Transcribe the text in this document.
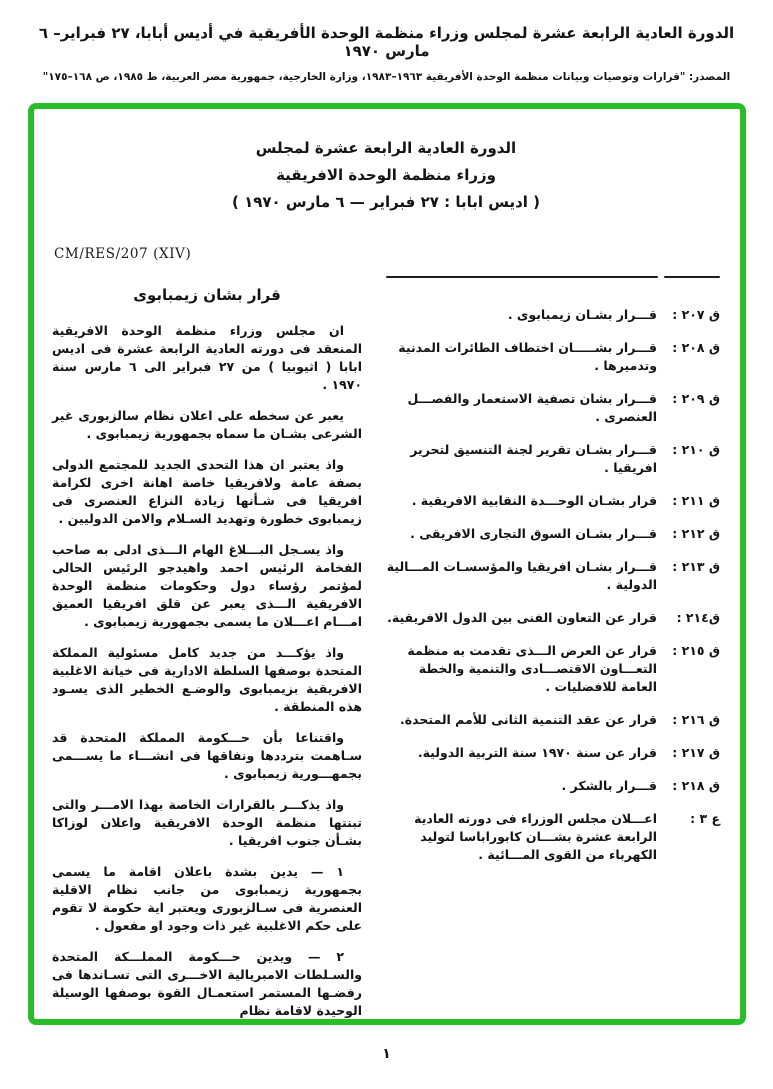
الدورة العادية الرابعة عشرة لمجلس وزراء منظمة الوحدة الأفريقية في أديس أبابا، ٢٧ فبراير– ٦ مارس ١٩٧٠
المصدر: "قرارات وتوصيات وبيانات منظمة الوحدة الأفريقية ١٩٦٣–١٩٨٣، وزارة الخارجية، جمهورية مصر العربية، ط ١٩٨٥، ص ١٦٨–١٧٥"
الدورة العادية الرابعة عشرة لمجلس
وزراء منظمة الوحدة الافريقية
( اديس ابابا : ٢٧ فبراير — ٦ مارس ١٩٧٠ )
ق ٢٠٧ :
قـــرار بشـان زيمبابوى .
ق ٢٠٨ :
قـــرار بشـــــان اختطاف الطائرات المدنية وتدميرها .
ق ٢٠٩ :
قـــرار بشان تصفية الاستعمار والفصـــل العنصرى .
ق ٢١٠ :
قـــرار بشـان تقرير لجنة التنسيق لتحرير افريقيا .
ق ٢١١ :
قرار بشـان الوحـــدة النقابية الافريقية .
ق ٢١٢ :
قـــرار بشـان السوق التجارى الافريقى .
ق ٢١٣ :
قـــرار بشـان افريقيا والمؤسسـات المـــالية الدولية .
ق٢١٤ :
قرار عن التعاون الفنى بين الدول الافريقية.
ق ٢١٥ :
قرار عن العرض الـــذى تقدمت به منظمة التعـــاون الاقتصـــادى والتنمية والخطة العامة للافضليات .
ق ٢١٦ :
قرار عن عقد التنمية الثانى للأمم المتحدة.
ق ٢١٧ :
قرار عن سنة ١٩٧٠ سنة التربية الدولية.
ق ٢١٨ :
قـــرار بالشكر .
ع ٣ :
اعـــلان مجلس الوزراء فى دورته العادية الرابعة عشرة بشـــان كابوراباسا لتوليد الكهرباء من القوى المـــائية .
CM/RES/207 (XIV)
قرار بشان زيمبابوى

ان مجلس وزراء منظمة الوحدة الافريقية المنعقد فى دورته العادية الرابعة عشرة فى اديس ابابا ( اثيوبيا ) من ٢٧ فبراير الى ٦ مارس سنة ١٩٧٠ .

يعبر عن سخطه على اعلان نظام سالزبورى غير الشرعى بشـان ما سماه بجمهورية زيمبابوى .

واذ يعتبر ان هذا التحدى الجديد للمجتمع الدولى بصفة عامة ولافريقيا خاصة اهانة اخرى لكرامة افريقيا فى شـأنها زيادة النزاع العنصرى فى زيمبابوى خطورة وتهديد السـلام والامن الدوليين .

واذ يسـجل البـــلاغ الهام الـــذى ادلى به صاحب الفخامة الرئيس احمد واهيدجو الرئيس الحالى لمؤتمر رؤساء دول وحكومات منظمة الوحدة الافريقية الـــذى يعبر عن قلق افريقيا العميق امـــام اعـــلان ما يسمى بجمهورية زيمبابوى .

واذ يؤكـــد من جديد كامل مسئولية المملكة المتحدة بوصفها السلطة الادارية فى خيانة الاغلبية الافريقية بزيمبابوى والوضـع الخطير الذى يسـود هذه المنطقة .

واقتناعا بأن حـــكومة المملكة المتحدة قد سـاهمت بترددها ونفاقها فى انشـــاء ما يســـمى بجمهـــورية زيمبابوى .

واذ يذكـــر بالقرارات الخاصة بهذا الامـــر والتى تبنتها منظمة الوحدة الافريقية واعلان لوزاكا بشـأن جنوب افريقيا .

١ — يدين بشدة باعلان اقامة ما يسمى بجمهورية زيمبابوى من جانب نظام الاقلية العنصرية فى سـالزبورى ويعتبر اية حكومة لا تقوم على حكم الاغلبية غير ذات وجود او مفعول .

٢ — ويدين حـــكومة المملـــكة المتحدة والسـلطات الامبريالية الاخـــرى التى تسـاندها فى رفضـها المستمر استعمـال القوة بوصفها الوسيلة الوحيدة لاقامة نظام

١
